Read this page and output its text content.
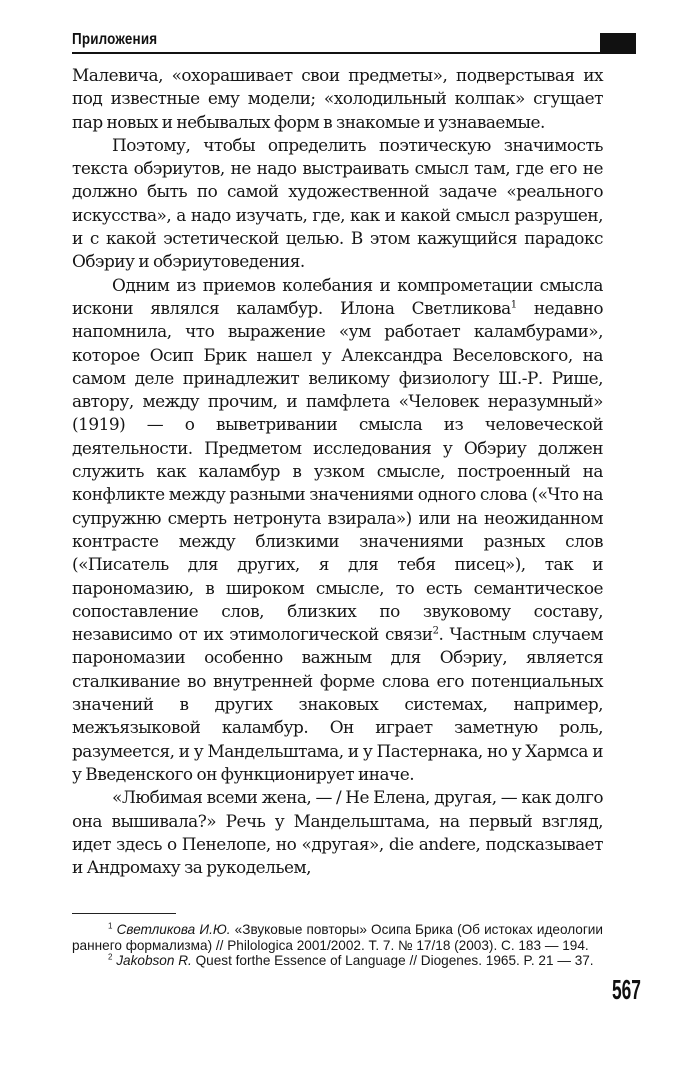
Приложения

Малевича, «охорашивает свои предметы», подверстывая их под известные ему модели; «холодильный колпак» сгущает пар новых и небывалых форм в знакомые и узнаваемые.

Поэтому, чтобы определить поэтическую значимость текста обэриутов, не надо выстраивать смысл там, где его не должно быть по самой художественной задаче «реального искусства», а надо изучать, где, как и какой смысл разрушен, и с какой эстетической целью. В этом кажущийся парадокс Обэриу и обэриутоведения.

Одним из приемов колебания и компрометации смысла искони являлся каламбур. Илона Светликова$^1$ недавно напомнила, что выражение «ум работает каламбурами», которое Осип Брик нашел у Александра Веселовского, на самом деле принадлежит великому физиологу Ш.-Р. Рише, автору, между прочим, и памфлета «Человек неразумный» (1919) — о выветривании смысла из человеческой деятельности. Предметом исследования у Обэриу должен служить как каламбур в узком смысле, построенный на конфликте между разными значениями одного слова («Что на супружню смерть нетронута взирала») или на неожиданном контрасте между близкими значениями разных слов («Писатель для других, я для тебя писец»), так и парономазию, в широком смысле, то есть семантическое сопоставление слов, близких по звуковому составу, независимо от их этимологической связи$^2$. Частным случаем парономазии особенно важным для Обэриу, является сталкивание во внутренней форме слова его потенциальных значений в других знаковых системах, например, межъязыковой каламбур. Он играет заметную роль, разумеется, и у Мандельштама, и у Пастернака, но у Хармса и у Введенского он функционирует иначе.

«Любимая всеми жена, — / Не Елена, другая, — как долго она вышивала?» Речь у Мандельштама, на первый взгляд, идет здесь о Пенелопе, но «другая», die andere, подсказывает и Андромаху за рукодельем,

$^1$ Светликова И.Ю. «Звуковые повторы» Осипа Брика (Об истоках идеологии раннего формализма) // Philologica 2001/2002. Т. 7. № 17/18 (2003). С. 183 — 194.

$^2$ Jakobson R. Quest forthe Essence of Language // Diogenes. 1965. P. 21 — 37.

567
